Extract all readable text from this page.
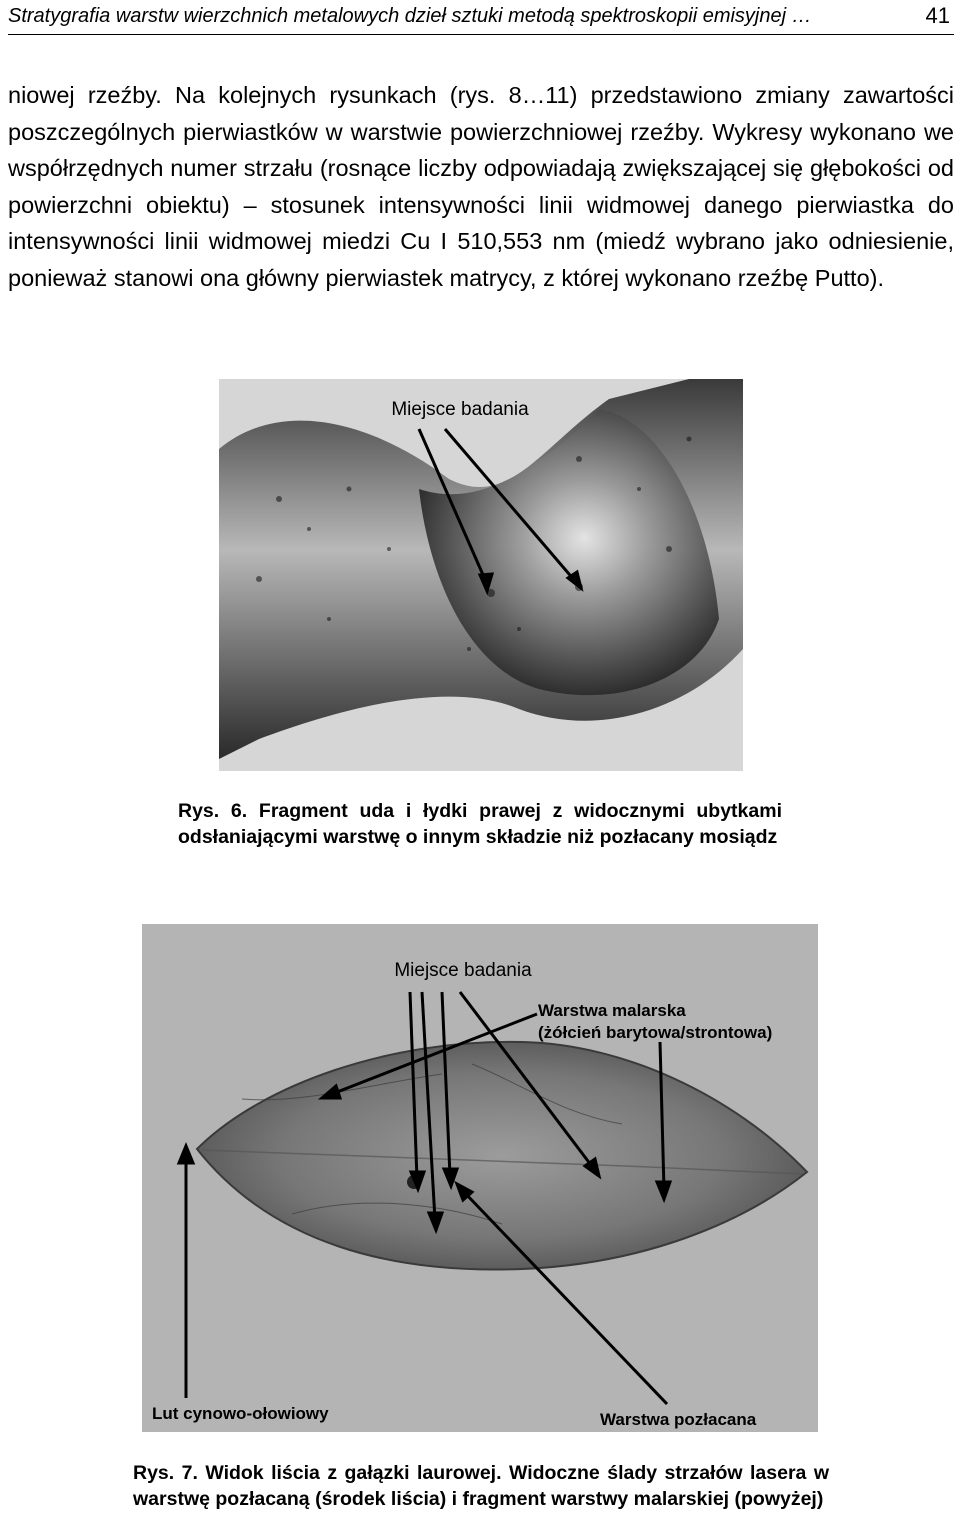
Stratygrafia warstw wierzchnich metalowych dzieł sztuki metodą spektroskopii emisyjnej …	41

niowej rzeźby. Na kolejnych rysunkach (rys. 8…11) przedstawiono zmiany zawartości poszczególnych pierwiastków w warstwie powierzchniowej rzeźby. Wykresy wykonano we współrzędnych numer strzału (rosnące liczby odpowiadają zwiększającej się głębokości od powierzchni obiektu) – stosunek intensywności linii widmowej danego pierwiastka do intensywności linii widmowej miedzi Cu I 510,553 nm (miedź wybrano jako odniesienie, ponieważ stanowi ona główny pierwiastek matrycy, z której wykonano rzeźbę Putto).

Miejsce badania

Rys. 6. Fragment uda i łydki prawej z widocznymi ubytkami odsłaniającymi warstwę o innym składzie niż pozłacany mosiądz

Miejsce badania
Warstwa malarska
(żółcień barytowa/strontowa)
Lut cynowo-ołowiowy	Warstwa pozłacana

Rys. 7. Widok liścia z gałązki laurowej. Widoczne ślady strzałów lasera w warstwę pozłacaną (środek liścia) i fragment warstwy malarskiej (powyżej)
